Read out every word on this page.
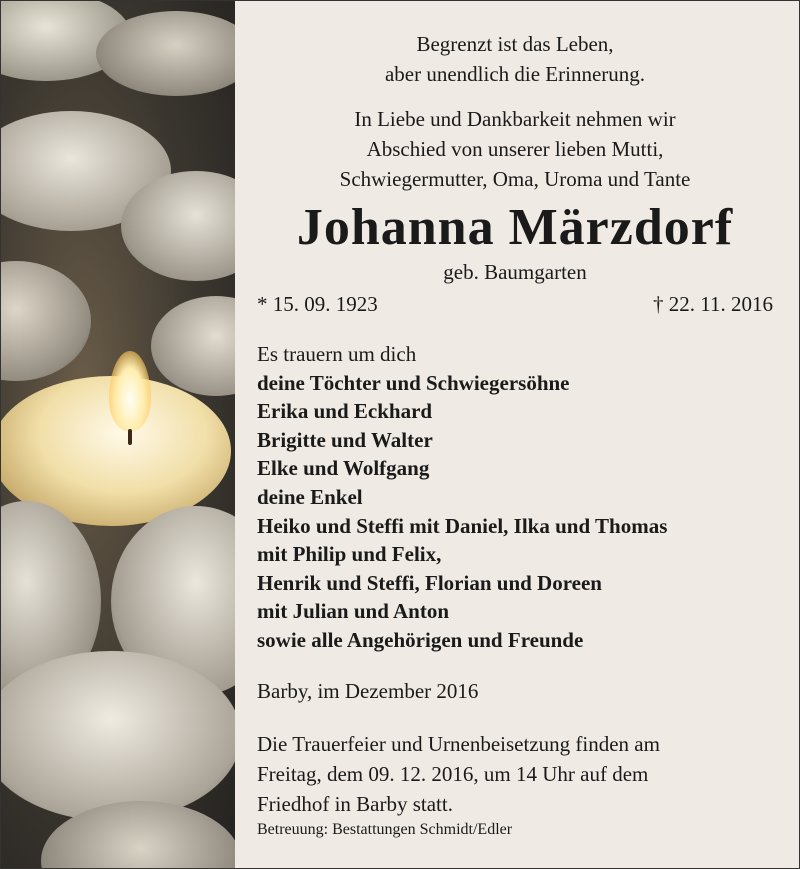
Begrenzt ist das Leben,

aber unendlich die Erinnerung.

In Liebe und Dankbarkeit nehmen wir

Abschied von unserer lieben Mutti,

Schwiegermutter, Oma, Uroma und Tante

Johanna Märzdorf

geb. Baumgarten

* 15. 09. 1923	† 22. 11. 2016

Es trauern um dich

deine Töchter und Schwiegersöhne

Erika und Eckhard

Brigitte und Walter

Elke und Wolfgang

deine Enkel

Heiko und Steffi mit Daniel, Ilka und Thomas

mit Philip und Felix,

Henrik und Steffi, Florian und Doreen

mit Julian und Anton

sowie alle Angehörigen und Freunde

Barby, im Dezember 2016

Die Trauerfeier und Urnenbeisetzung finden am

Freitag, dem 09. 12. 2016, um 14 Uhr auf dem

Friedhof in Barby statt.

Betreuung: Bestattungen Schmidt/Edler
